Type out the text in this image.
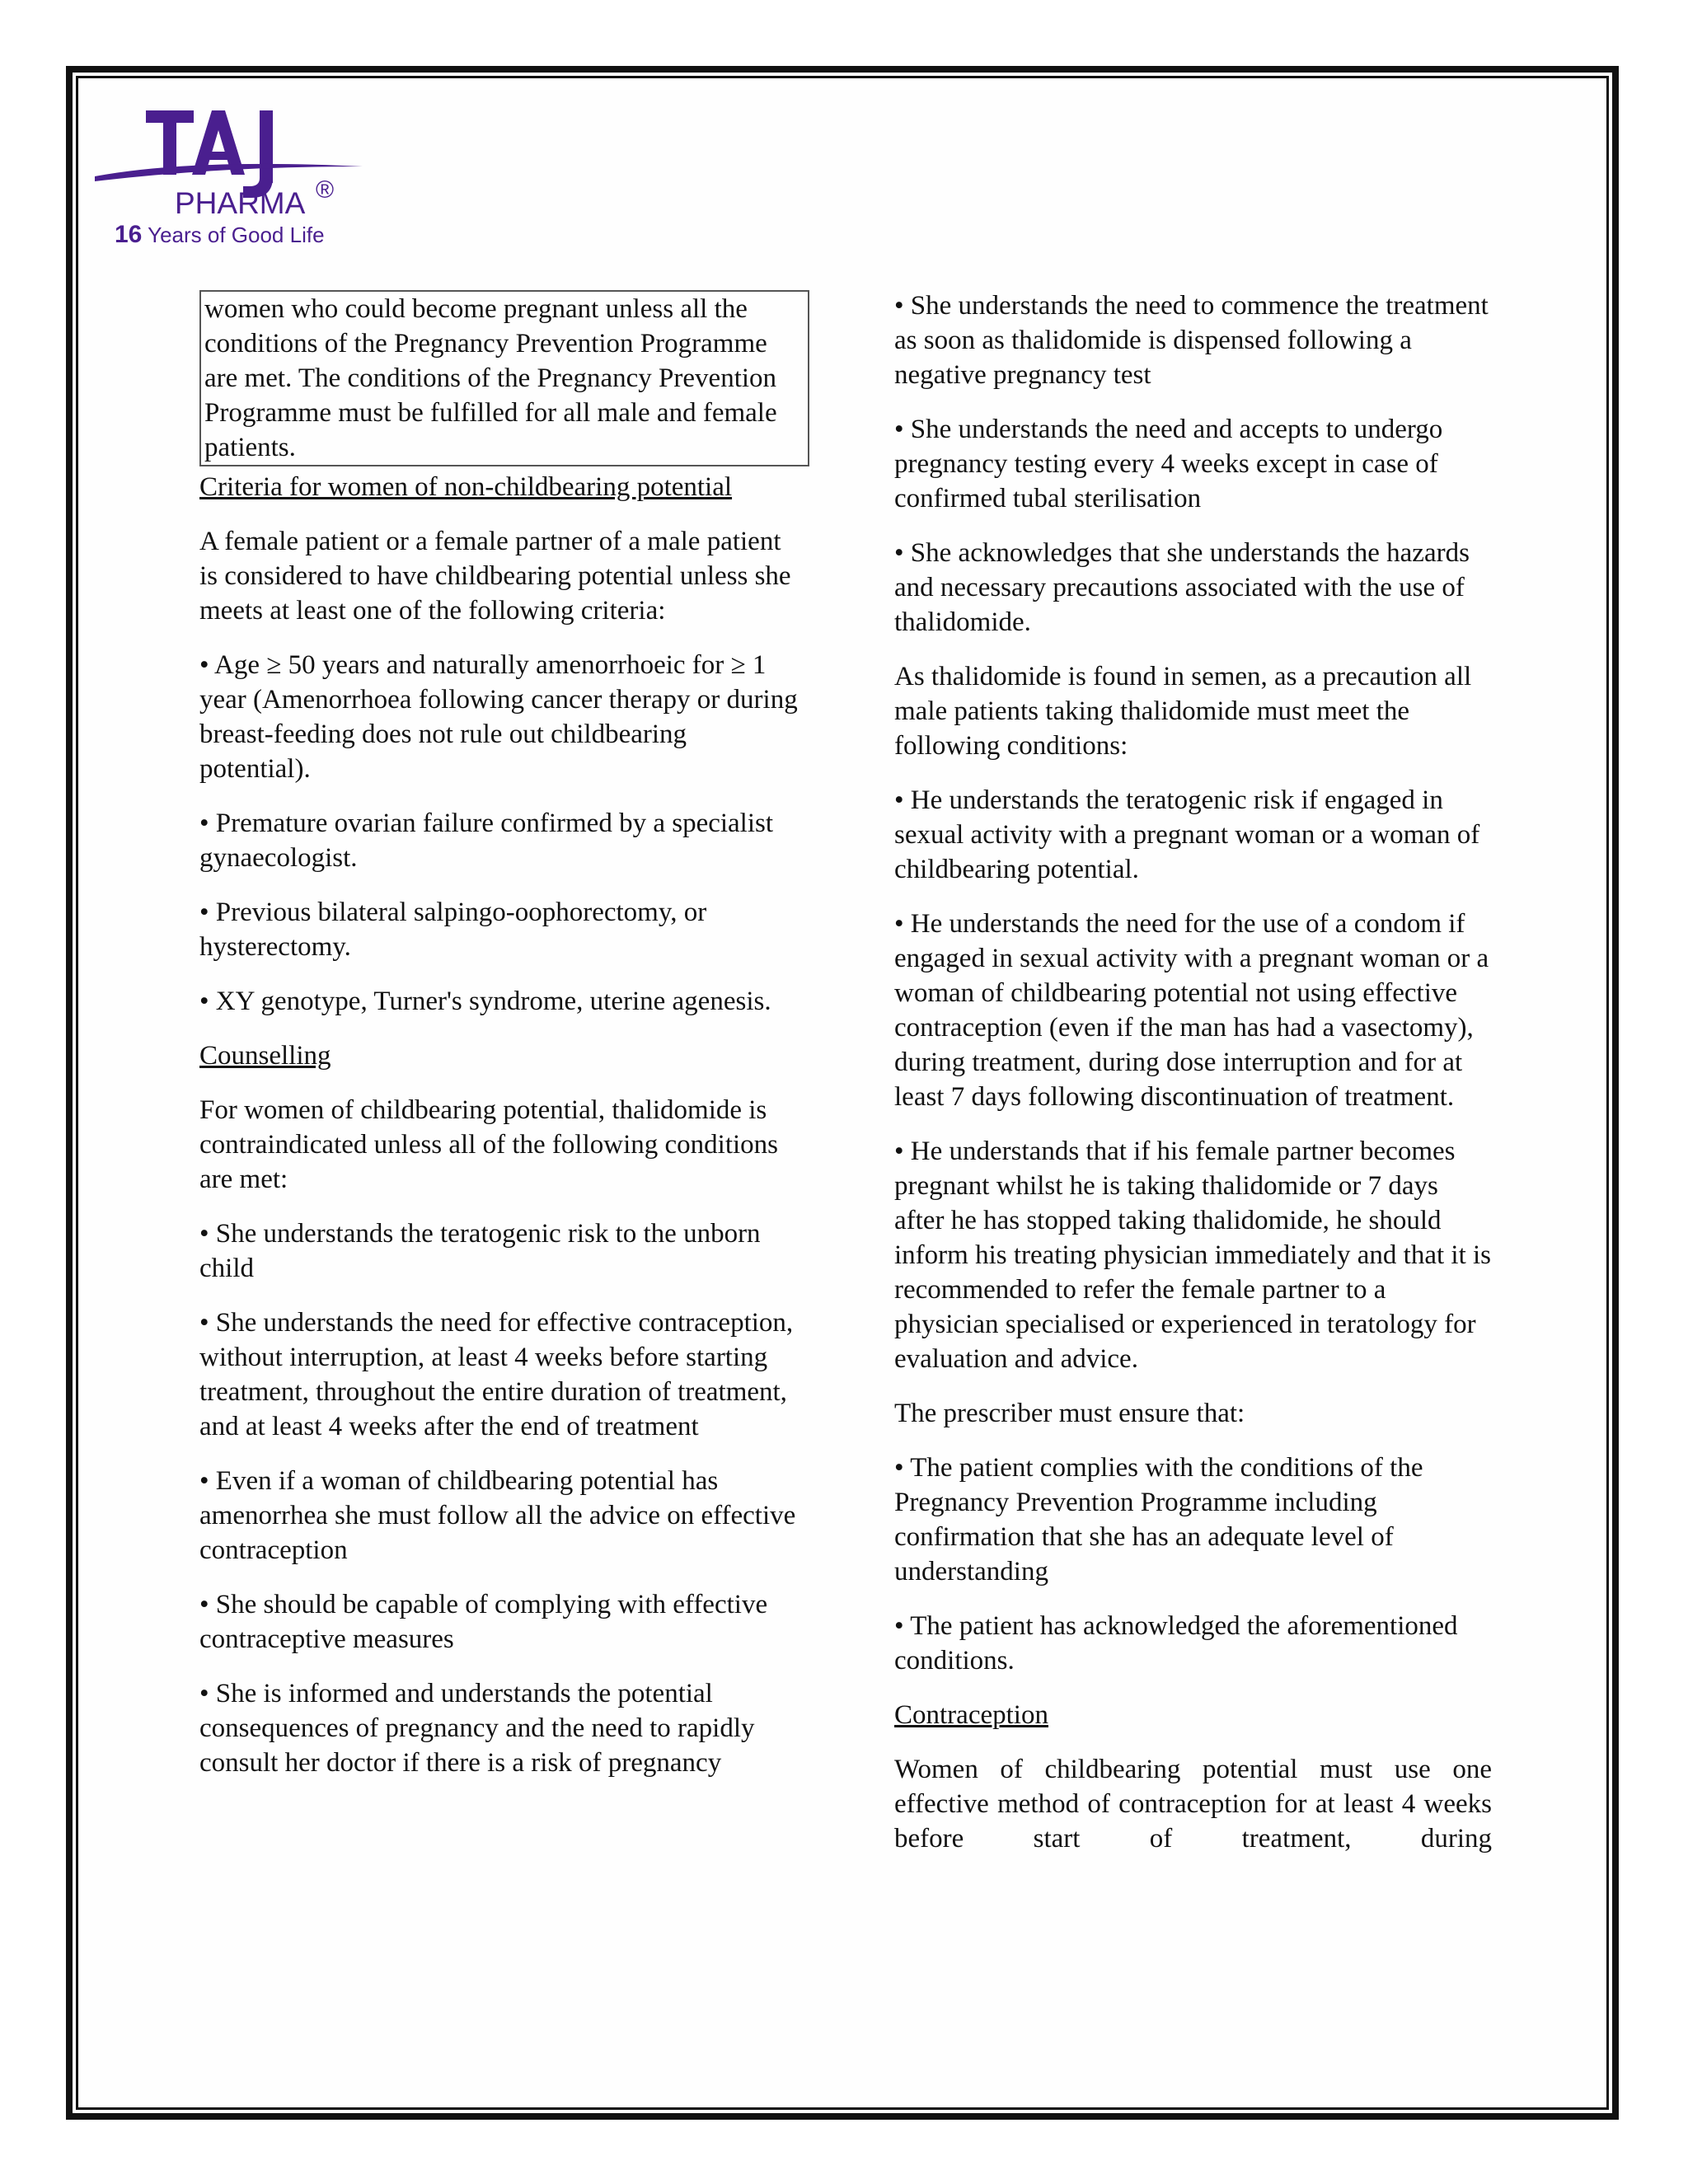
®
PHARMA
16 Years of Good Life

women who could become pregnant unless all the conditions of the Pregnancy Prevention Programme are met. The conditions of the Pregnancy Prevention Programme must be fulfilled for all male and female patients.

Criteria for women of non-childbearing potential

A female patient or a female partner of a male patient is considered to have childbearing potential unless she meets at least one of the following criteria:

• Age ≥ 50 years and naturally amenorrhoeic for ≥ 1 year (Amenorrhoea following cancer therapy or during breast-feeding does not rule out childbearing potential).

• Premature ovarian failure confirmed by a specialist gynaecologist.

• Previous bilateral salpingo-oophorectomy, or hysterectomy.

• XY genotype, Turner's syndrome, uterine agenesis.

Counselling

For women of childbearing potential, thalidomide is contraindicated unless all of the following conditions are met:

• She understands the teratogenic risk to the unborn child

• She understands the need for effective contraception, without interruption, at least 4 weeks before starting treatment, throughout the entire duration of treatment, and at least 4 weeks after the end of treatment

• Even if a woman of childbearing potential has amenorrhea she must follow all the advice on effective contraception

• She should be capable of complying with effective contraceptive measures

• She is informed and understands the potential consequences of pregnancy and the need to rapidly consult her doctor if there is a risk of pregnancy

• She understands the need to commence the treatment as soon as thalidomide is dispensed following a negative pregnancy test

• She understands the need and accepts to undergo pregnancy testing every 4 weeks except in case of confirmed tubal sterilisation

• She acknowledges that she understands the hazards and necessary precautions associated with the use of thalidomide.

As thalidomide is found in semen, as a precaution all male patients taking thalidomide must meet the following conditions:

• He understands the teratogenic risk if engaged in sexual activity with a pregnant woman or a woman of childbearing potential.

• He understands the need for the use of a condom if engaged in sexual activity with a pregnant woman or a woman of childbearing potential not using effective contraception (even if the man has had a vasectomy), during treatment, during dose interruption and for at least 7 days following discontinuation of treatment.

• He understands that if his female partner becomes pregnant whilst he is taking thalidomide or 7 days after he has stopped taking thalidomide, he should inform his treating physician immediately and that it is recommended to refer the female partner to a physician specialised or experienced in teratology for evaluation and advice.

The prescriber must ensure that:

• The patient complies with the conditions of the Pregnancy Prevention Programme including confirmation that she has an adequate level of understanding

• The patient has acknowledged the aforementioned conditions.

Contraception

Women of childbearing potential must use one effective method of contraception for at least 4 weeks before start of treatment, during
